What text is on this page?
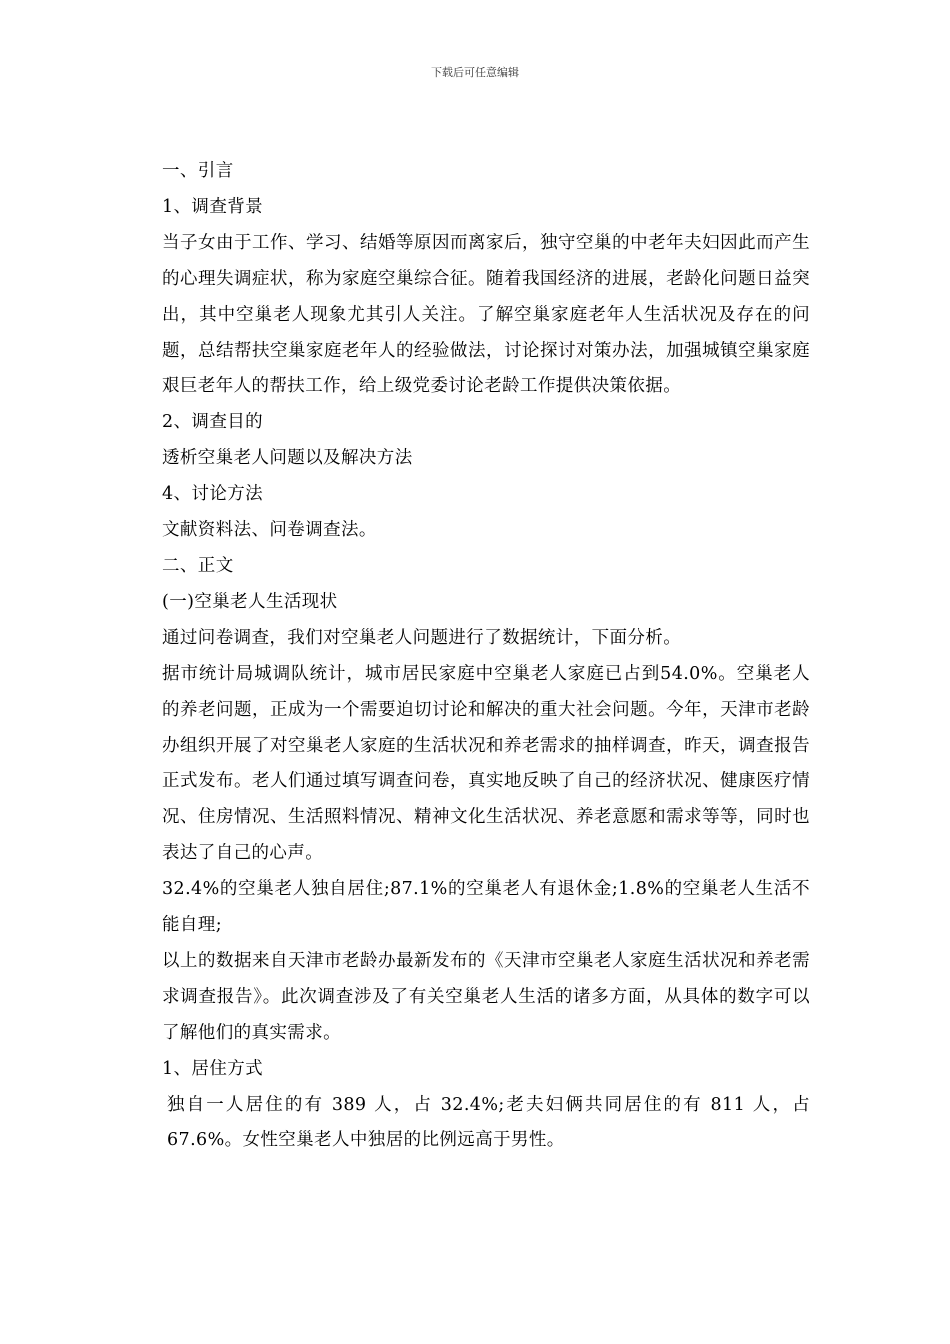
下载后可任意编辑

一、引言

1、调查背景

当子女由于工作、学习、结婚等原因而离家后，独守空巢的中老年夫妇因此而产生的心理失调症状，称为家庭空巢综合征。随着我国经济的进展，老龄化问题日益突出，其中空巢老人现象尤其引人关注。了解空巢家庭老年人生活状况及存在的问题，总结帮扶空巢家庭老年人的经验做法，讨论探讨对策办法，加强城镇空巢家庭艰巨老年人的帮扶工作，给上级党委讨论老龄工作提供决策依据。

2、调查目的

透析空巢老人问题以及解决方法

4、讨论方法

文献资料法、问卷调查法。

二、正文

(一)空巢老人生活现状

通过问卷调查，我们对空巢老人问题进行了数据统计，下面分析。

据市统计局城调队统计，城市居民家庭中空巢老人家庭已占到54.0%。空巢老人的养老问题，正成为一个需要迫切讨论和解决的重大社会问题。今年，天津市老龄办组织开展了对空巢老人家庭的生活状况和养老需求的抽样调查，昨天，调查报告正式发布。老人们通过填写调查问卷，真实地反映了自己的经济状况、健康医疗情况、住房情况、生活照料情况、精神文化生活状况、养老意愿和需求等等，同时也表达了自己的心声。

32.4%的空巢老人独自居住;87.1%的空巢老人有退休金;1.8%的空巢老人生活不能自理;

以上的数据来自天津市老龄办最新发布的《天津市空巢老人家庭生活状况和养老需求调查报告》。此次调查涉及了有关空巢老人生活的诸多方面，从具体的数字可以了解他们的真实需求。

1、居住方式

独自一人居住的有 389 人，占 32.4%;老夫妇俩共同居住的有 811 人，占67.6%。女性空巢老人中独居的比例远高于男性。
